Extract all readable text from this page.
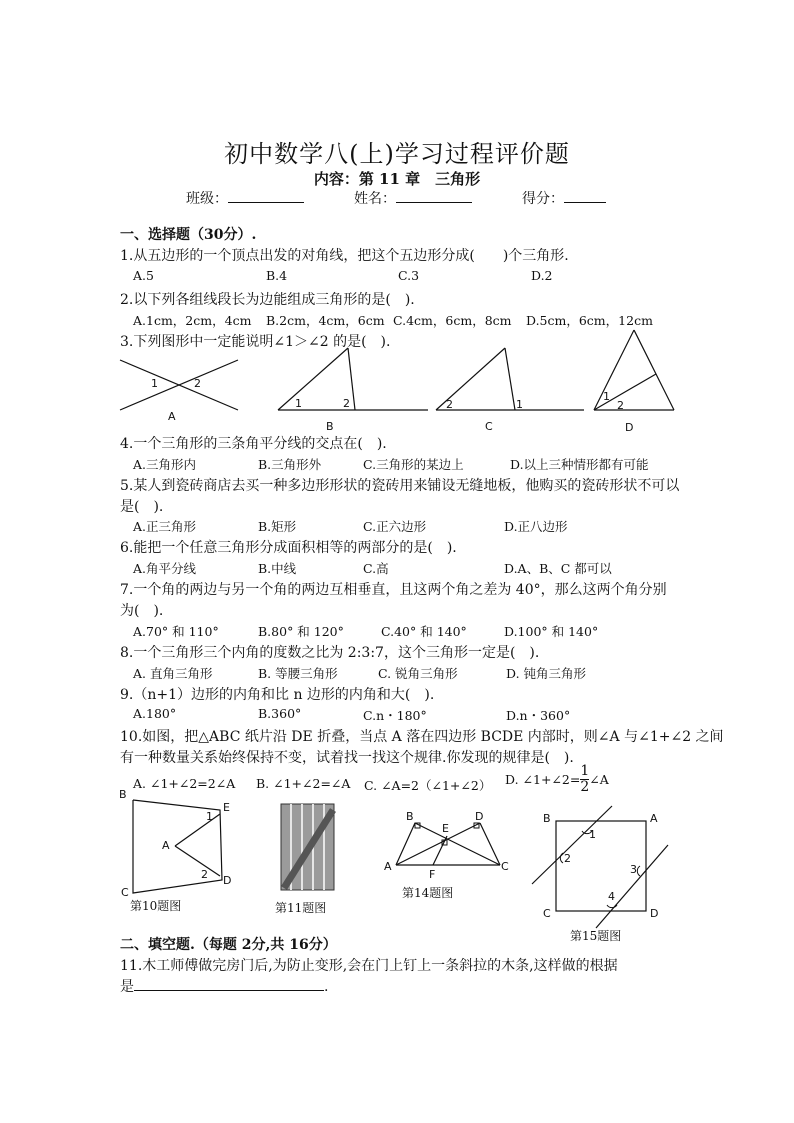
初中数学八(上)学习过程评价题
内容：第 11 章　三角形
班级：	姓名：	得分：
一、选择题（30分）.
1.从五边形的一个顶点出发的对角线，把这个五边形分成(　　)个三角形.
A.5	B.4	C.3	D.2
2.以下列各组线段长为边能组成三角形的是(　).
A.1cm，2cm，4cm B.2cm，4cm，6cm C.4cm，6cm，8cm D.5cm，6cm，12cm
3.下列图形中一定能说明∠1＞∠2 的是(　).
1	2
A
1	2
B
2	1
C
1
2
D
4.一个三角形的三条角平分线的交点在(　).
A.三角形内	B.三角形外	C.三角形的某边上	D.以上三种情形都有可能
5.某人到瓷砖商店去买一种多边形形状的瓷砖用来铺设无缝地板，他购买的瓷砖形状不可以
是(　).
A.正三角形	B.矩形	C.正六边形	D.正八边形
6.能把一个任意三角形分成面积相等的两部分的是(　).
A.角平分线	B.中线	C.高	D.A、B、C 都可以
7.一个角的两边与另一个角的两边互相垂直，且这两个角之差为 40°，那么这两个角分别
为(　).
A.70° 和 110°	B.80° 和 120°	C.40° 和 140°	D.100° 和 140°
8.一个三角形三个内角的度数之比为 2:3:7，这个三角形一定是(　).
A. 直角三角形	B. 等腰三角形	C. 锐角三角形	D. 钝角三角形
9.（n+1）边形的内角和比 n 边形的内角和大(　).
A.180°	B.360°	C.n・180°	D.n・360°
10.如图，把△ABC 纸片沿 DE 折叠，当点 A 落在四边形 BCDE 内部时，则∠A 与∠1+∠2 之间
有一种数量关系始终保持不变，试着找一找这个规律.你发现的规律是(　).
A. ∠1+∠2=2∠A B. ∠1+∠2=∠A C. ∠A=2（∠1+∠2） D. ∠1+∠2= $\frac{1}{2}$ ∠A
B
E
1
A
2 D
C
第10题图	第11题图
B
E
D
A
F
C
第14题图
B	A
1
2
3
4
C	D
第15题图
二、填空题.（每题 2分,共 16分）
11.木工师傅做完房门后,为防止变形,会在门上钉上一条斜拉的木条,这样做的根据
是	.
